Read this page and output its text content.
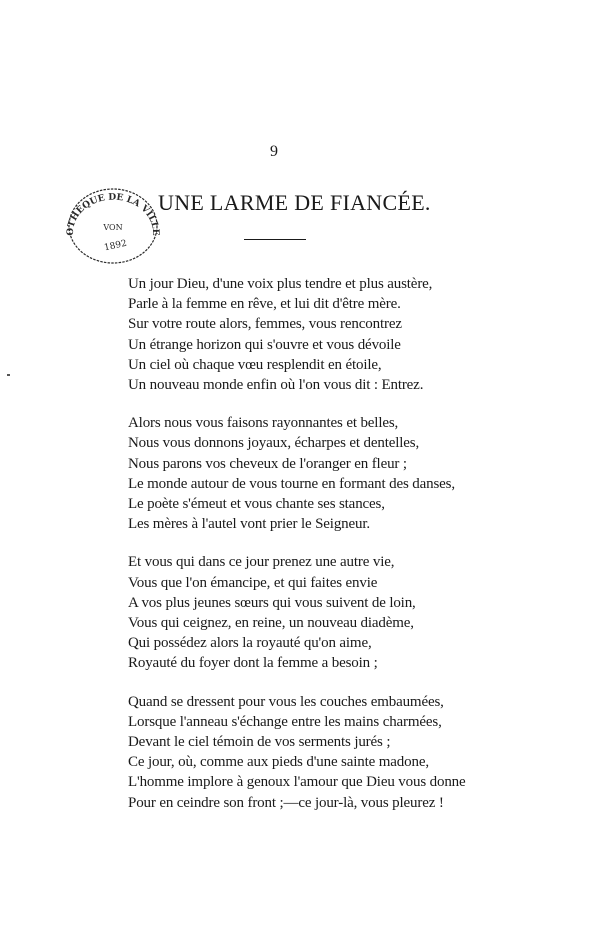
9
OTHÈQUE DE LA VILLE
VON
1892
UNE LARME DE FIANCÉE.
Un jour Dieu, d'une voix plus tendre et plus austère,
Parle à la femme en rêve, et lui dit d'être mère.
Sur votre route alors, femmes, vous rencontrez
Un étrange horizon qui s'ouvre et vous dévoile
Un ciel où chaque vœu resplendit en étoile,
Un nouveau monde enfin où l'on vous dit : Entrez.
Alors nous vous faisons rayonnantes et belles,
Nous vous donnons joyaux, écharpes et dentelles,
Nous parons vos cheveux de l'oranger en fleur ;
Le monde autour de vous tourne en formant des danses,
Le poète s'émeut et vous chante ses stances,
Les mères à l'autel vont prier le Seigneur.
Et vous qui dans ce jour prenez une autre vie,
Vous que l'on émancipe, et qui faites envie
A vos plus jeunes sœurs qui vous suivent de loin,
Vous qui ceignez, en reine, un nouveau diadème,
Qui possédez alors la royauté qu'on aime,
Royauté du foyer dont la femme a besoin ;
Quand se dressent pour vous les couches embaumées,
Lorsque l'anneau s'échange entre les mains charmées,
Devant le ciel témoin de vos serments jurés ;
Ce jour, où, comme aux pieds d'une sainte madone,
L'homme implore à genoux l'amour que Dieu vous donne
Pour en ceindre son front ;—ce jour-là, vous pleurez !
